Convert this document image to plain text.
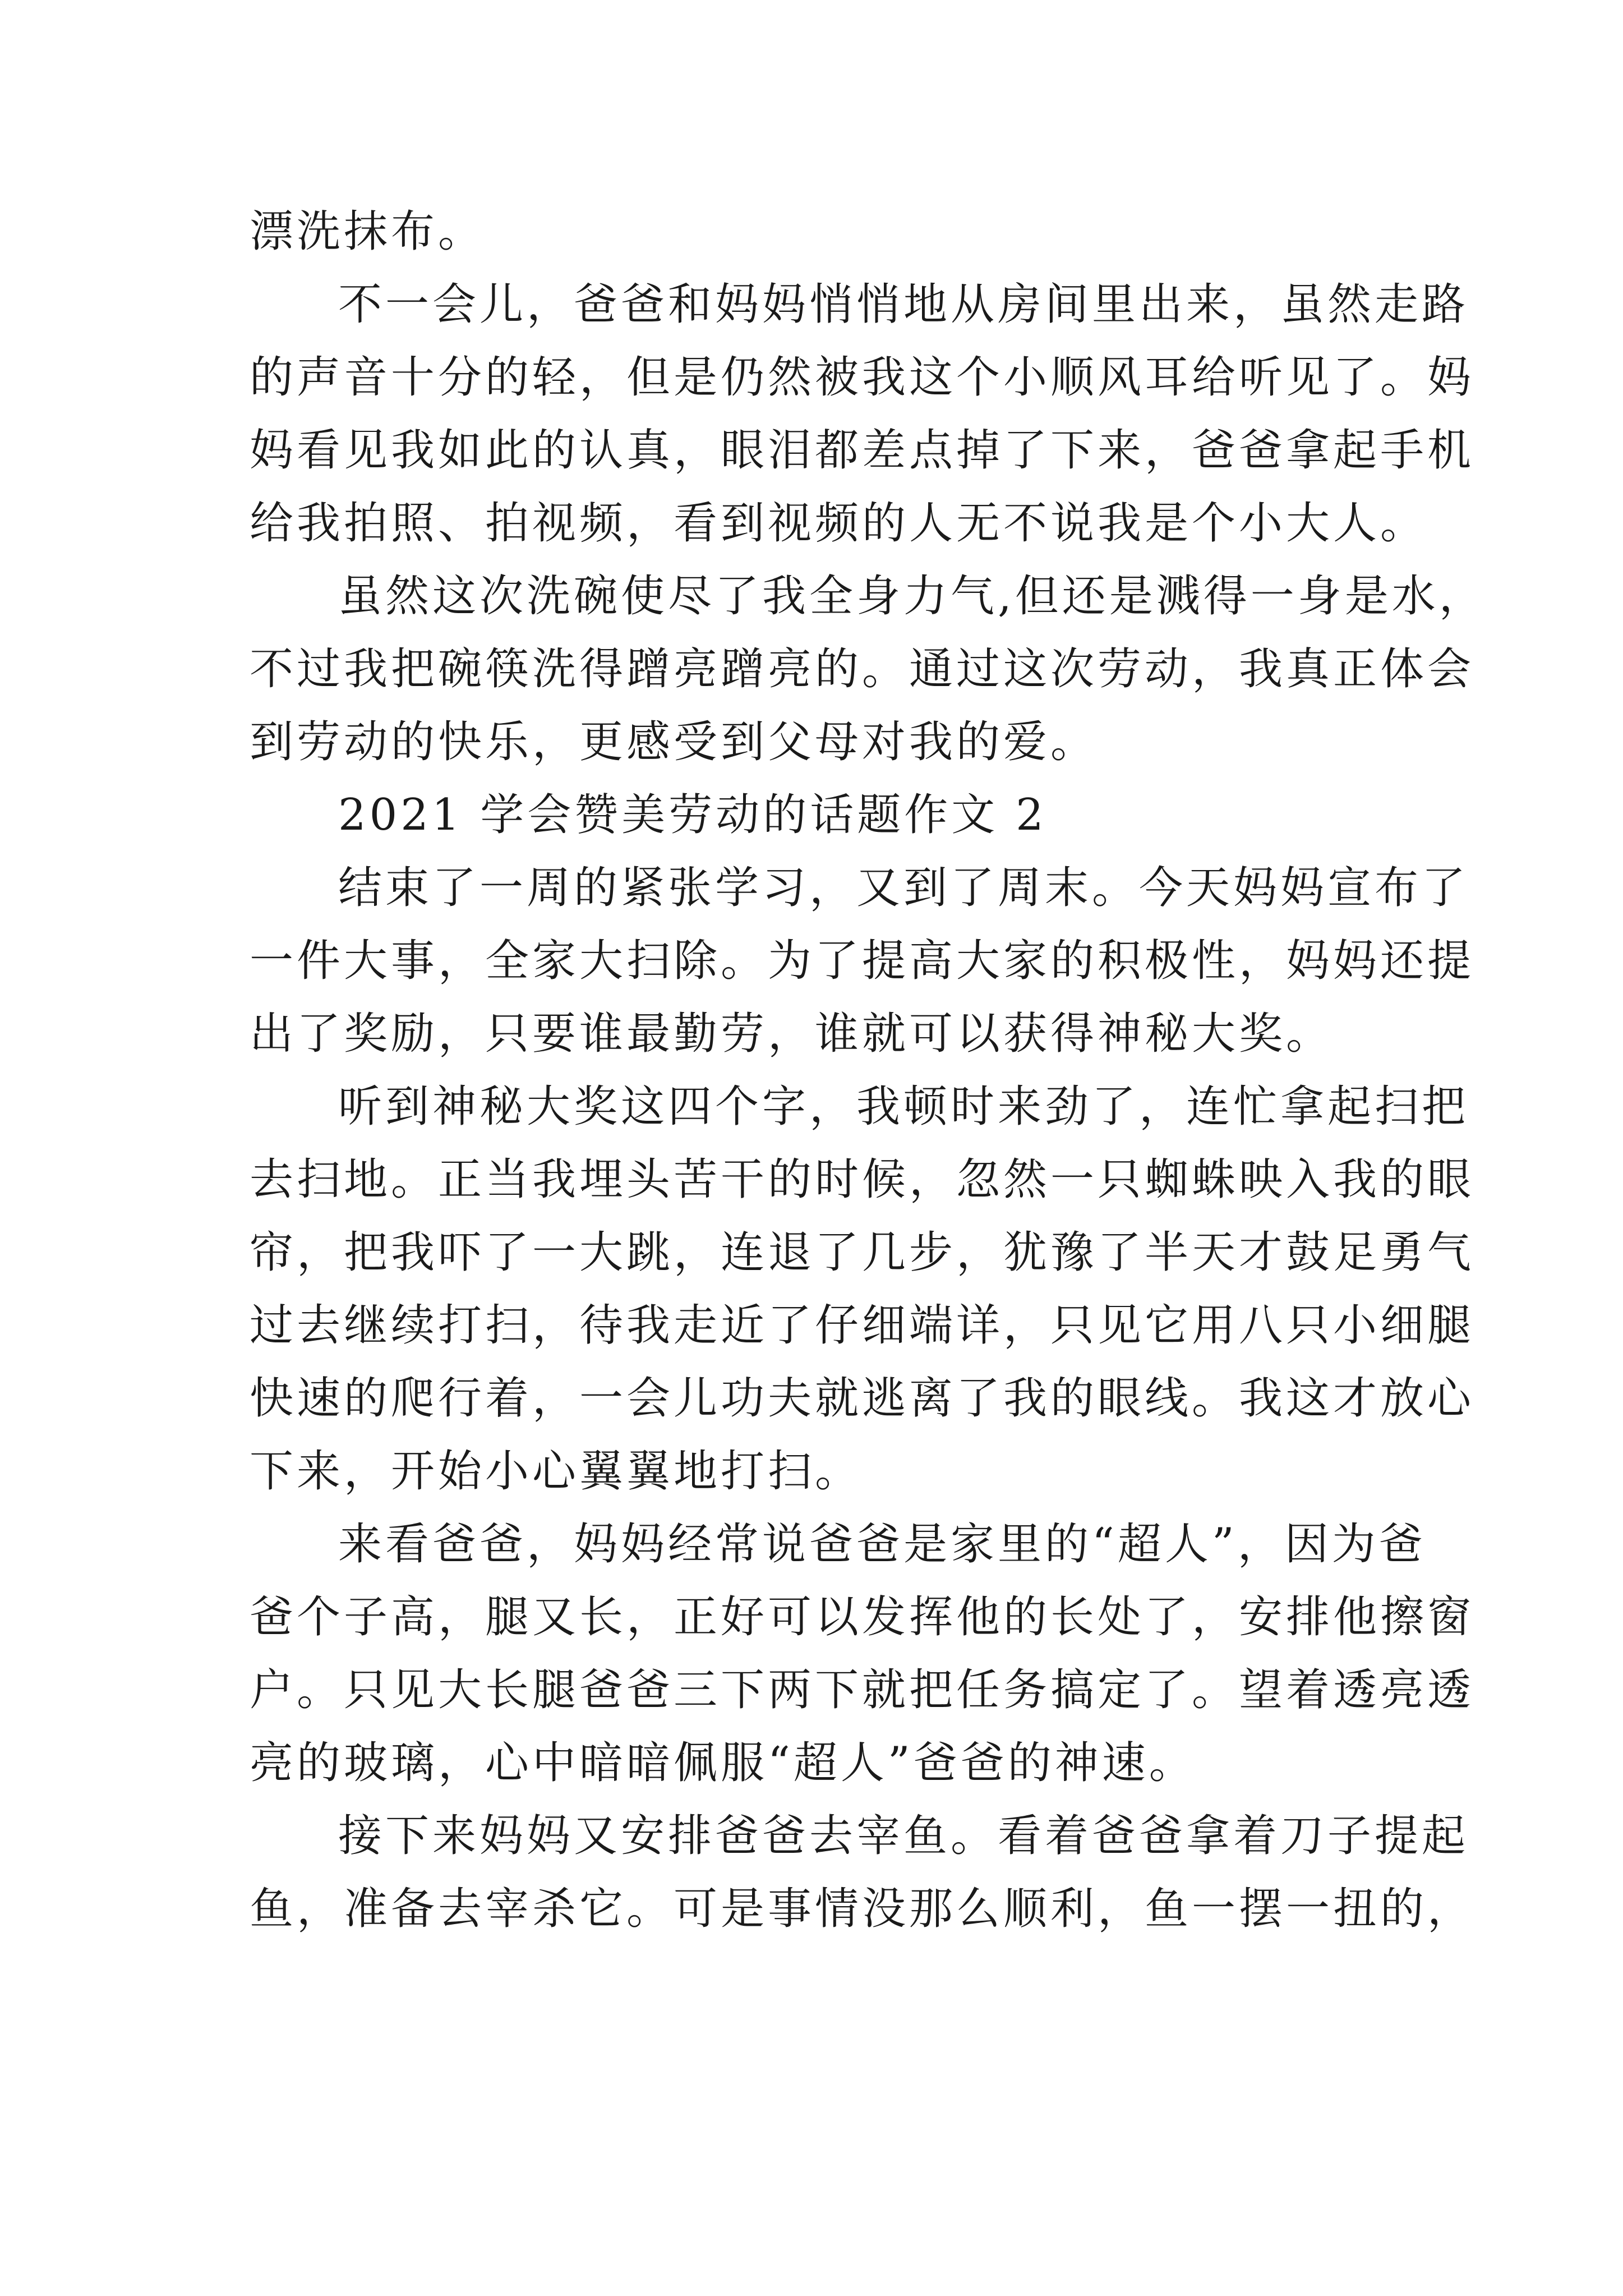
漂洗抹布。
不一会儿，爸爸和妈妈悄悄地从房间里出来，虽然走路
的声音十分的轻，但是仍然被我这个小顺风耳给听见了。妈
妈看见我如此的认真，眼泪都差点掉了下来，爸爸拿起手机
给我拍照、拍视频，看到视频的人无不说我是个小大人。
虽然这次洗碗使尽了我全身力气,但还是溅得一身是水，
不过我把碗筷洗得蹭亮蹭亮的。通过这次劳动，我真正体会
到劳动的快乐，更感受到父母对我的爱。
2021 学会赞美劳动的话题作文 2
结束了一周的紧张学习，又到了周末。今天妈妈宣布了
一件大事，全家大扫除。为了提高大家的积极性，妈妈还提
出了奖励，只要谁最勤劳，谁就可以获得神秘大奖。
听到神秘大奖这四个字，我顿时来劲了，连忙拿起扫把
去扫地。正当我埋头苦干的时候，忽然一只蜘蛛映入我的眼
帘，把我吓了一大跳，连退了几步，犹豫了半天才鼓足勇气
过去继续打扫，待我走近了仔细端详，只见它用八只小细腿
快速的爬行着，一会儿功夫就逃离了我的眼线。我这才放心
下来，开始小心翼翼地打扫。
来看爸爸，妈妈经常说爸爸是家里的“超人”，因为爸
爸个子高，腿又长，正好可以发挥他的长处了，安排他擦窗
户。只见大长腿爸爸三下两下就把任务搞定了。望着透亮透
亮的玻璃，心中暗暗佩服“超人”爸爸的神速。
接下来妈妈又安排爸爸去宰鱼。看着爸爸拿着刀子提起
鱼，准备去宰杀它。可是事情没那么顺利，鱼一摆一扭的，
